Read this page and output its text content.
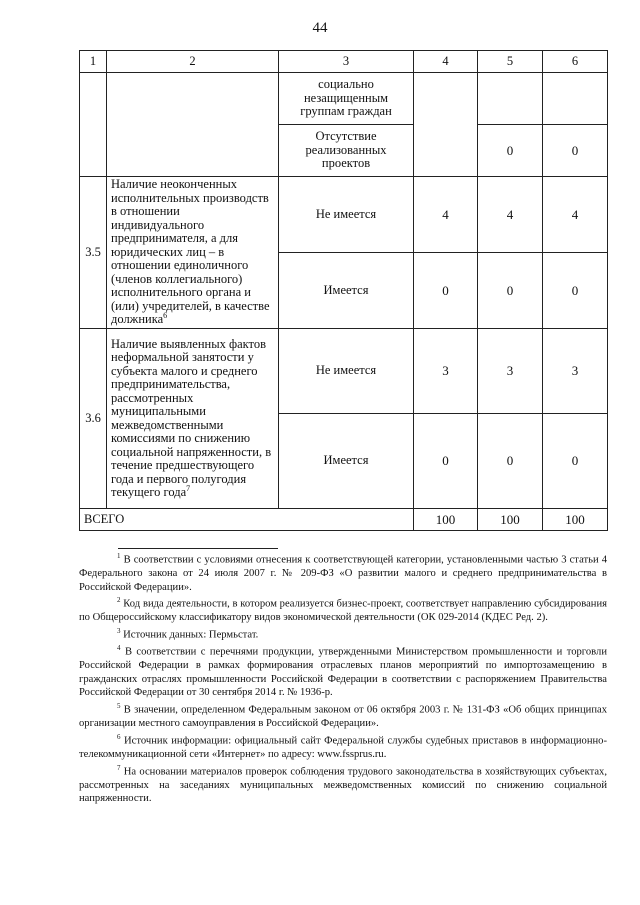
44
1	2	3	4	5	6
		социально незащищенным группам граждан			
		Отсутствие реализованных проектов		0	0
3.5	Наличие неоконченных исполнительных производств в отношении индивидуального предпринимателя, а для юридических лиц – в отношении единоличного (членов коллегиального) исполнительного органа и (или) учредителей, в качестве должника$^6$	Не имеется	4	4	4
		Имеется	0	0	0
3.6	Наличие выявленных фактов неформальной занятости у субъекта малого и среднего предпринимательства, рассмотренных муниципальными межведомственными комиссиями по снижению социальной напряженности, в течение предшествующего года и первого полугодия текущего года$^7$	Не имеется	3	3	3
		Имеется	0	0	0
ВСЕГО			100	100	100

$^1$ В соответствии с условиями отнесения к соответствующей категории, установленными частью 3 статьи 4 Федерального закона от 24 июля 2007 г. № 209-ФЗ «О развитии малого и среднего предпринимательства в Российской Федерации».

$^2$ Код вида деятельности, в котором реализуется бизнес-проект, соответствует направлению субсидирования по Общероссийскому классификатору видов экономической деятельности (ОК 029-2014 (КДЕС Ред. 2).

$^3$ Источник данных: Пермьстат.

$^4$ В соответствии с перечнями продукции, утвержденными Министерством промышленности и торговли Российской Федерации в рамках формирования отраслевых планов мероприятий по импортозамещению в гражданских отраслях промышленности Российской Федерации в соответствии с распоряжением Правительства Российской Федерации от 30 сентября 2014 г. № 1936-р.

$^5$ В значении, определенном Федеральным законом от 06 октября 2003 г. № 131-ФЗ «Об общих принципах организации местного самоуправления в Российской Федерации».

$^6$ Источник информации: официальный сайт Федеральной службы судебных приставов в информационно-телекоммуникационной сети «Интернет» по адресу: www.fssprus.ru.

$^7$ На основании материалов проверок соблюдения трудового законодательства в хозяйствующих субъектах, рассмотренных на заседаниях муниципальных межведомственных комиссий по снижению социальной напряженности.
